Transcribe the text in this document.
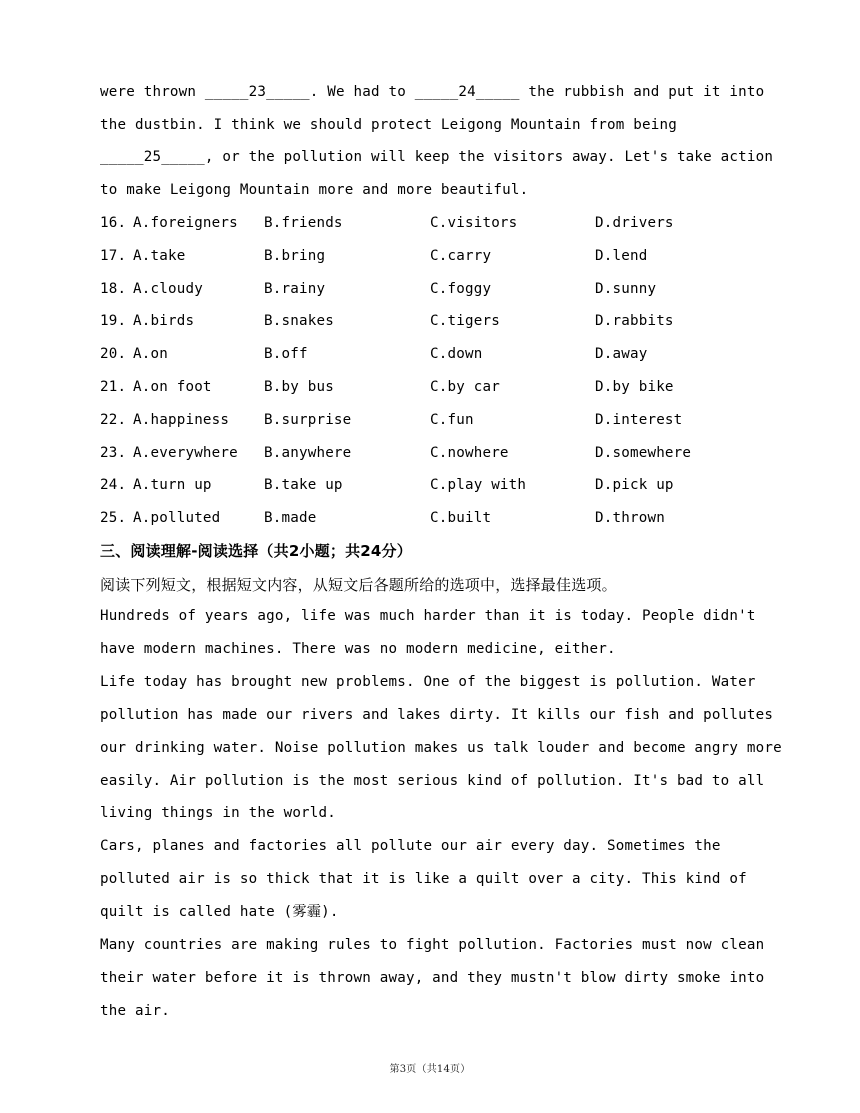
were thrown _____23_____. We had to _____24_____ the rubbish and put it into
the dustbin. I think we should protect Leigong Mountain from being
_____25_____, or the pollution will keep the visitors away. Let's take action
to make Leigong Mountain more and more beautiful.
16. A.foreigners B.friends	C.visitors	D.drivers
17. A.take	B.bring	C.carry	D.lend
18. A.cloudy	B.rainy	C.foggy	D.sunny
19. A.birds	B.snakes	C.tigers	D.rabbits
20. A.on	B.off	C.down	D.away
21. A.on foot	B.by bus	C.by car	D.by bike
22. A.happiness B.surprise	C.fun	D.interest
23. A.everywhere B.anywhere	C.nowhere	D.somewhere
24. A.turn up	B.take up	C.play with	D.pick up
25. A.polluted	B.made	C.built	D.thrown
三、阅读理解-阅读选择（共2小题；共24分）
阅读下列短文，根据短文内容，从短文后各题所给的选项中，选择最佳选项。
Hundreds of years ago, life was much harder than it is today. People didn't
have modern machines. There was no modern medicine, either.
Life today has brought new problems. One of the biggest is pollution. Water
pollution has made our rivers and lakes dirty. It kills our fish and pollutes
our drinking water. Noise pollution makes us talk louder and become angry more
easily. Air pollution is the most serious kind of pollution. It's bad to all
living things in the world.
Cars, planes and factories all pollute our air every day. Sometimes the
polluted air is so thick that it is like a quilt over a city. This kind of
quilt is called hate (雾霾).
Many countries are making rules to fight pollution. Factories must now clean
their water before it is thrown away, and they mustn't blow dirty smoke into
the air.
第3页（共14页）
